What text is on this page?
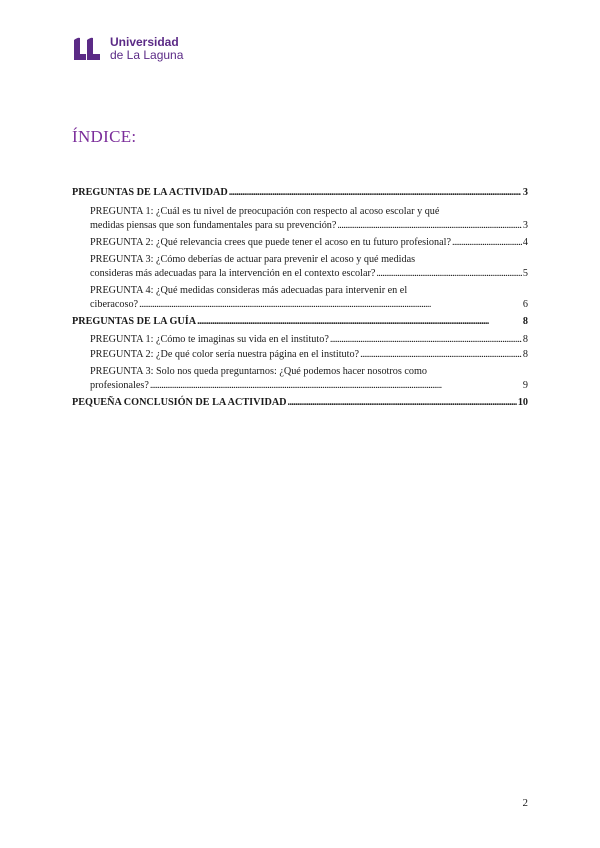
Universidad
de La Laguna
ÍNDICE:
PREGUNTAS DE LA ACTIVIDAD . . .	3
PREGUNTA 1: ¿Cuál es tu nivel de preocupación con respecto al acoso escolar y qué
medidas piensas que son fundamentales para su prevención? . . .	3
PREGUNTA 2: ¿Qué relevancia crees que puede tener el acoso en tu futuro profesional? . . .	4
PREGUNTA 3: ¿Cómo deberías de actuar para prevenir el acoso y qué medidas
consideras más adecuadas para la intervención en el contexto escolar? . . .	5
PREGUNTA 4: ¿Qué medidas consideras más adecuadas para intervenir en el
ciberacoso? . . .	6
PREGUNTAS DE LA GUÍA . . .	8
PREGUNTA 1: ¿Cómo te imaginas su vida en el instituto? . . .	8
PREGUNTA 2: ¿De qué color sería nuestra página en el instituto? . . .	8
PREGUNTA 3: Solo nos queda preguntarnos: ¿Qué podemos hacer nosotros como
profesionales? . . .	9
PEQUEÑA CONCLUSIÓN DE LA ACTIVIDAD . . .	10
2
